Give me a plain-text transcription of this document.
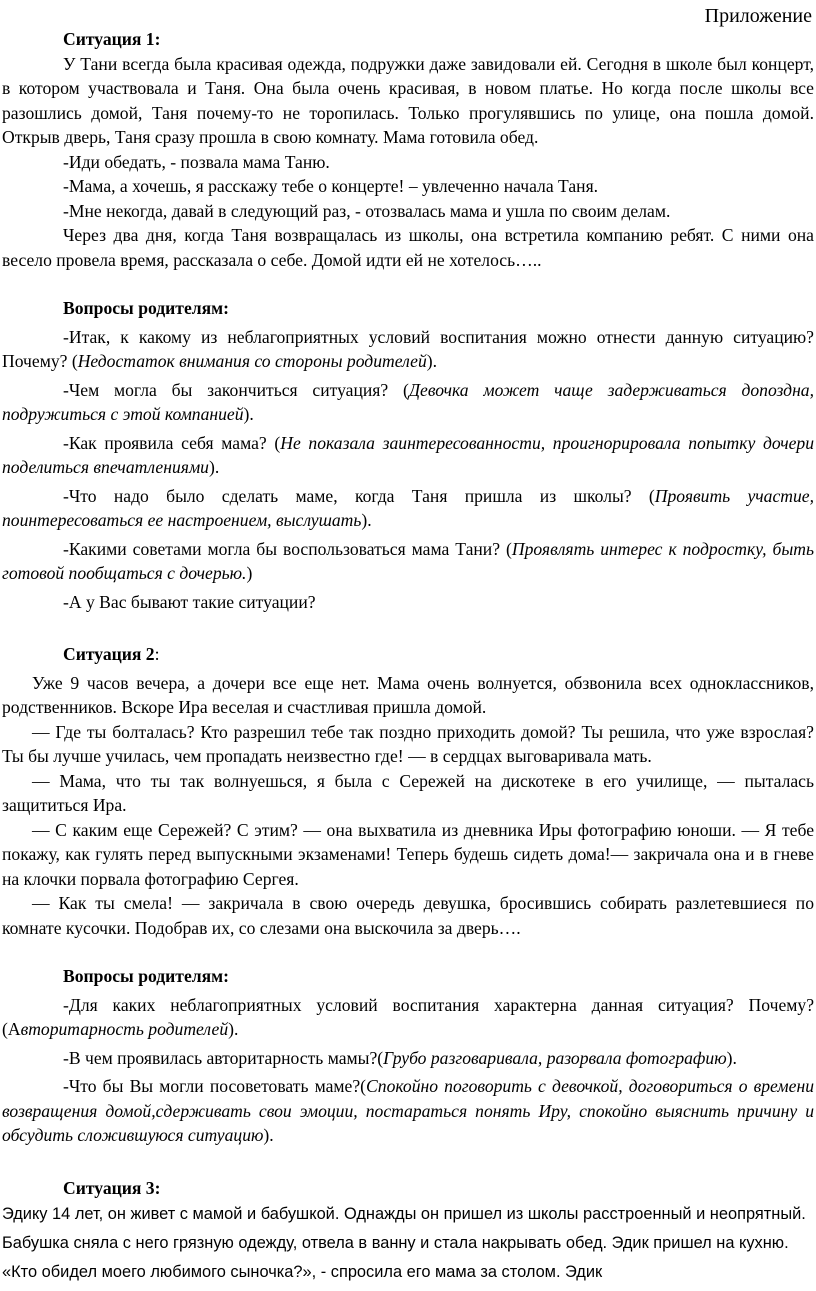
Приложение

Ситуация 1:

У Тани всегда была красивая одежда, подружки даже завидовали ей. Сегодня в школе был концерт, в котором участвовала и Таня. Она была очень красивая, в новом платье. Но когда после школы все разошлись домой, Таня почему-то не торопилась. Только прогулявшись по улице, она пошла домой. Открыв дверь, Таня сразу прошла в свою комнату. Мама готовила обед.

-Иди обедать, - позвала мама Таню.

-Мама, а хочешь, я расскажу тебе о концерте! – увлеченно начала Таня.

-Мне некогда, давай в следующий раз, - отозвалась мама и ушла по своим делам.

Через два дня, когда Таня возвращалась из школы, она встретила компанию ребят. С ними она весело провела время, рассказала о себе. Домой идти ей не хотелось…..

Вопросы родителям:

-Итак, к какому из неблагоприятных условий воспитания можно отнести данную ситуацию? Почему? (Недостаток внимания со стороны родителей).

-Чем могла бы закончиться ситуация? (Девочка может чаще задерживаться допоздна, подружиться с этой компанией).

-Как проявила себя мама? (Не показала заинтересованности, проигнорировала попытку дочери поделиться впечатлениями).

-Что надо было сделать маме, когда Таня пришла из школы? (Проявить участие, поинтересоваться ее настроением, выслушать).

-Какими советами могла бы воспользоваться мама Тани? (Проявлять интерес к подростку, быть готовой пообщаться с дочерью.)

-А у Вас бывают такие ситуации?

Ситуация 2:

Уже 9 часов вечера, а дочери все еще нет. Мама очень волнуется, обзвонила всех одноклассников, родственников. Вскоре Ира веселая и счастливая пришла домой.

— Где ты болталась? Кто разрешил тебе так поздно приходить домой? Ты решила, что уже взрослая? Ты бы лучше училась, чем пропадать неизвестно где! — в сердцах выговаривала мать.

— Мама, что ты так волнуешься, я была с Сережей на дискотеке в его училище, — пыталась защититься Ира.

— С каким еще Сережей? С этим? — она выхватила из дневника Иры фотографию юноши. — Я тебе покажу, как гулять перед выпускными экзаменами! Теперь будешь сидеть дома!— закричала она и в гневе на клочки порвала фотографию Сергея.

— Как ты смела! — закричала в свою очередь девушка, бросившись собирать разлетевшиеся по комнате кусочки. Подобрав их, со слезами она выскочила за дверь….

Вопросы родителям:

-Для каких неблагоприятных условий воспитания характерна данная ситуация? Почему? (Авторитарность родителей).

-В чем проявилась авторитарность мамы?(Грубо разговаривала, разорвала фотографию).

-Что бы Вы могли посоветовать маме?(Спокойно поговорить с девочкой, договориться о времени возвращения домой,сдерживать свои эмоции, постараться понять Иру, спокойно выяснить причину и обсудить сложившуюся ситуацию).

Ситуация 3:

Эдику 14 лет, он живет с мамой и бабушкой. Однажды он пришел из школы расстроенный и неопрятный. Бабушка сняла с него грязную одежду, отвела в ванну и стала накрывать обед. Эдик пришел на кухню. «Кто обидел моего любимого сыночка?», - спросила его мама за столом. Эдик
